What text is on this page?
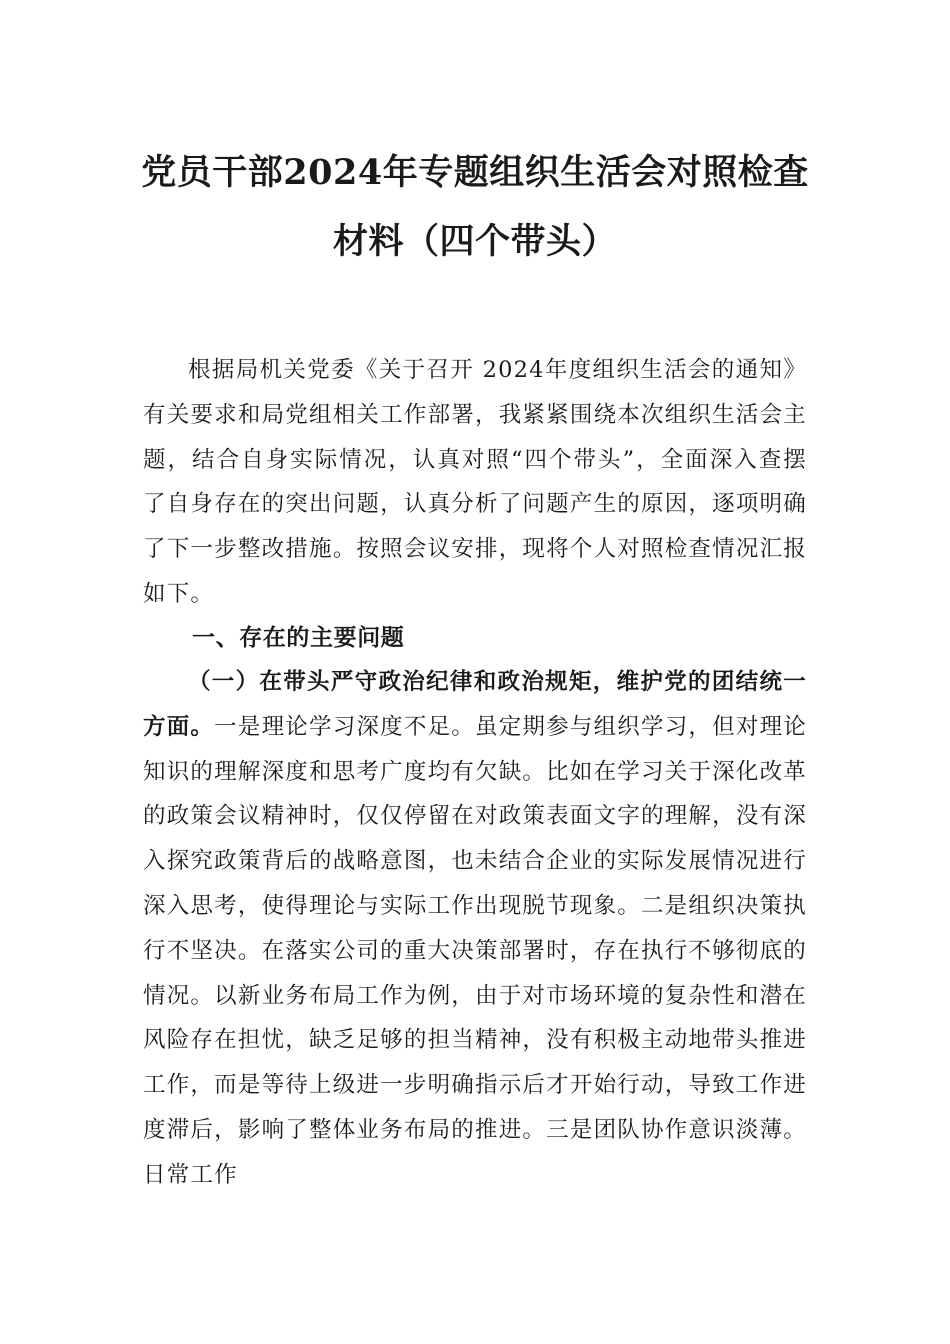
党员干部2024年专题组织生活会对照检查
材料（四个带头）

根据局机关党委《关于召开 2024年度组织生活会的通知》有关要求和局党组相关工作部署，我紧紧围绕本次组织生活会主题，结合自身实际情况，认真对照“四个带头”，全面深入查摆了自身存在的突出问题，认真分析了问题产生的原因，逐项明确了下一步整改措施。按照会议安排，现将个人对照检查情况汇报如下。

一、存在的主要问题

（一）在带头严守政治纪律和政治规矩，维护党的团结统一方面。一是理论学习深度不足。虽定期参与组织学习，但对理论知识的理解深度和思考广度均有欠缺。比如在学习关于深化改革的政策会议精神时，仅仅停留在对政策表面文字的理解，没有深入探究政策背后的战略意图，也未结合企业的实际发展情况进行深入思考，使得理论与实际工作出现脱节现象。二是组织决策执行不坚决。在落实公司的重大决策部署时，存在执行不够彻底的情况。以新业务布局工作为例，由于对市场环境的复杂性和潜在风险存在担忧，缺乏足够的担当精神，没有积极主动地带头推进工作，而是等待上级进一步明确指示后才开始行动，导致工作进度滞后，影响了整体业务布局的推进。三是团队协作意识淡薄。日常工作
